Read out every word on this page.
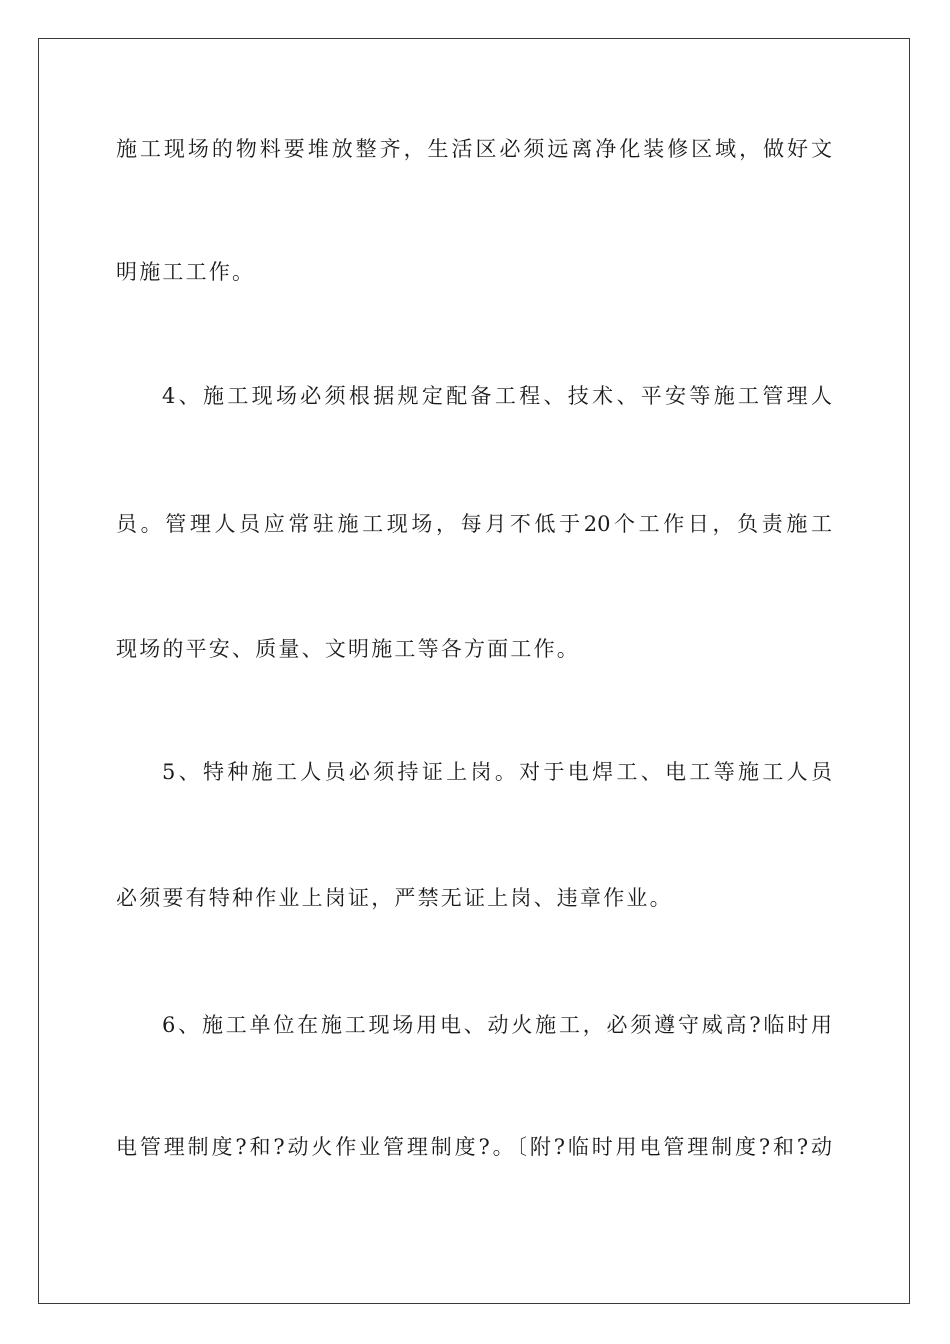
施工现场的物料要堆放整齐，生活区必须远离净化装修区域，做好文
明施工工作。
4、施工现场必须根据规定配备工程、技术、平安等施工管理人
员。管理人员应常驻施工现场，每月不低于20个工作日，负责施工
现场的平安、质量、文明施工等各方面工作。
5、特种施工人员必须持证上岗。对于电焊工、电工等施工人员
必须要有特种作业上岗证，严禁无证上岗、违章作业。
6、施工单位在施工现场用电、动火施工，必须遵守威高?临时用
电管理制度?和?动火作业管理制度?。〔附?临时用电管理制度?和?动
